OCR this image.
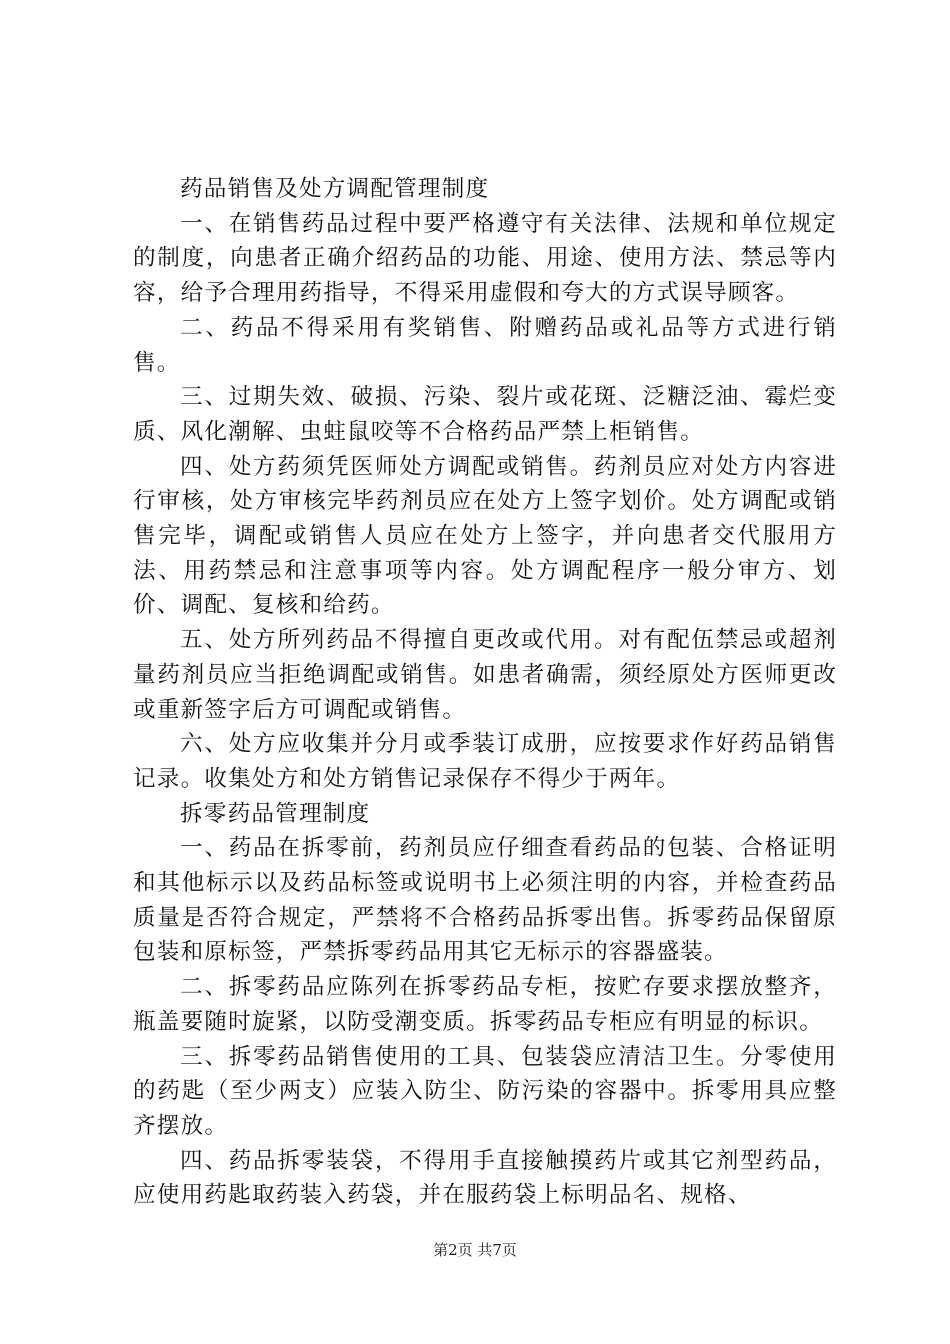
药品销售及处方调配管理制度

一、在销售药品过程中要严格遵守有关法律、法规和单位规定的制度，向患者正确介绍药品的功能、用途、使用方法、禁忌等内容，给予合理用药指导，不得采用虚假和夸大的方式误导顾客。

二、药品不得采用有奖销售、附赠药品或礼品等方式进行销售。

三、过期失效、破损、污染、裂片或花斑、泛糖泛油、霉烂变质、风化潮解、虫蛀鼠咬等不合格药品严禁上柜销售。

四、处方药须凭医师处方调配或销售。药剂员应对处方内容进行审核，处方审核完毕药剂员应在处方上签字划价。处方调配或销售完毕，调配或销售人员应在处方上签字，并向患者交代服用方法、用药禁忌和注意事项等内容。处方调配程序一般分审方、划价、调配、复核和给药。

五、处方所列药品不得擅自更改或代用。对有配伍禁忌或超剂量药剂员应当拒绝调配或销售。如患者确需，须经原处方医师更改或重新签字后方可调配或销售。

六、处方应收集并分月或季装订成册，应按要求作好药品销售记录。收集处方和处方销售记录保存不得少于两年。

拆零药品管理制度

一、药品在拆零前，药剂员应仔细查看药品的包装、合格证明和其他标示以及药品标签或说明书上必须注明的内容，并检查药品质量是否符合规定，严禁将不合格药品拆零出售。拆零药品保留原包装和原标签，严禁拆零药品用其它无标示的容器盛装。

二、拆零药品应陈列在拆零药品专柜，按贮存要求摆放整齐，瓶盖要随时旋紧，以防受潮变质。拆零药品专柜应有明显的标识。

三、拆零药品销售使用的工具、包装袋应清洁卫生。分零使用的药匙（至少两支）应装入防尘、防污染的容器中。拆零用具应整齐摆放。

四、药品拆零装袋，不得用手直接触摸药片或其它剂型药品，应使用药匙取药装入药袋，并在服药袋上标明品名、规格、

第2页 共7页
